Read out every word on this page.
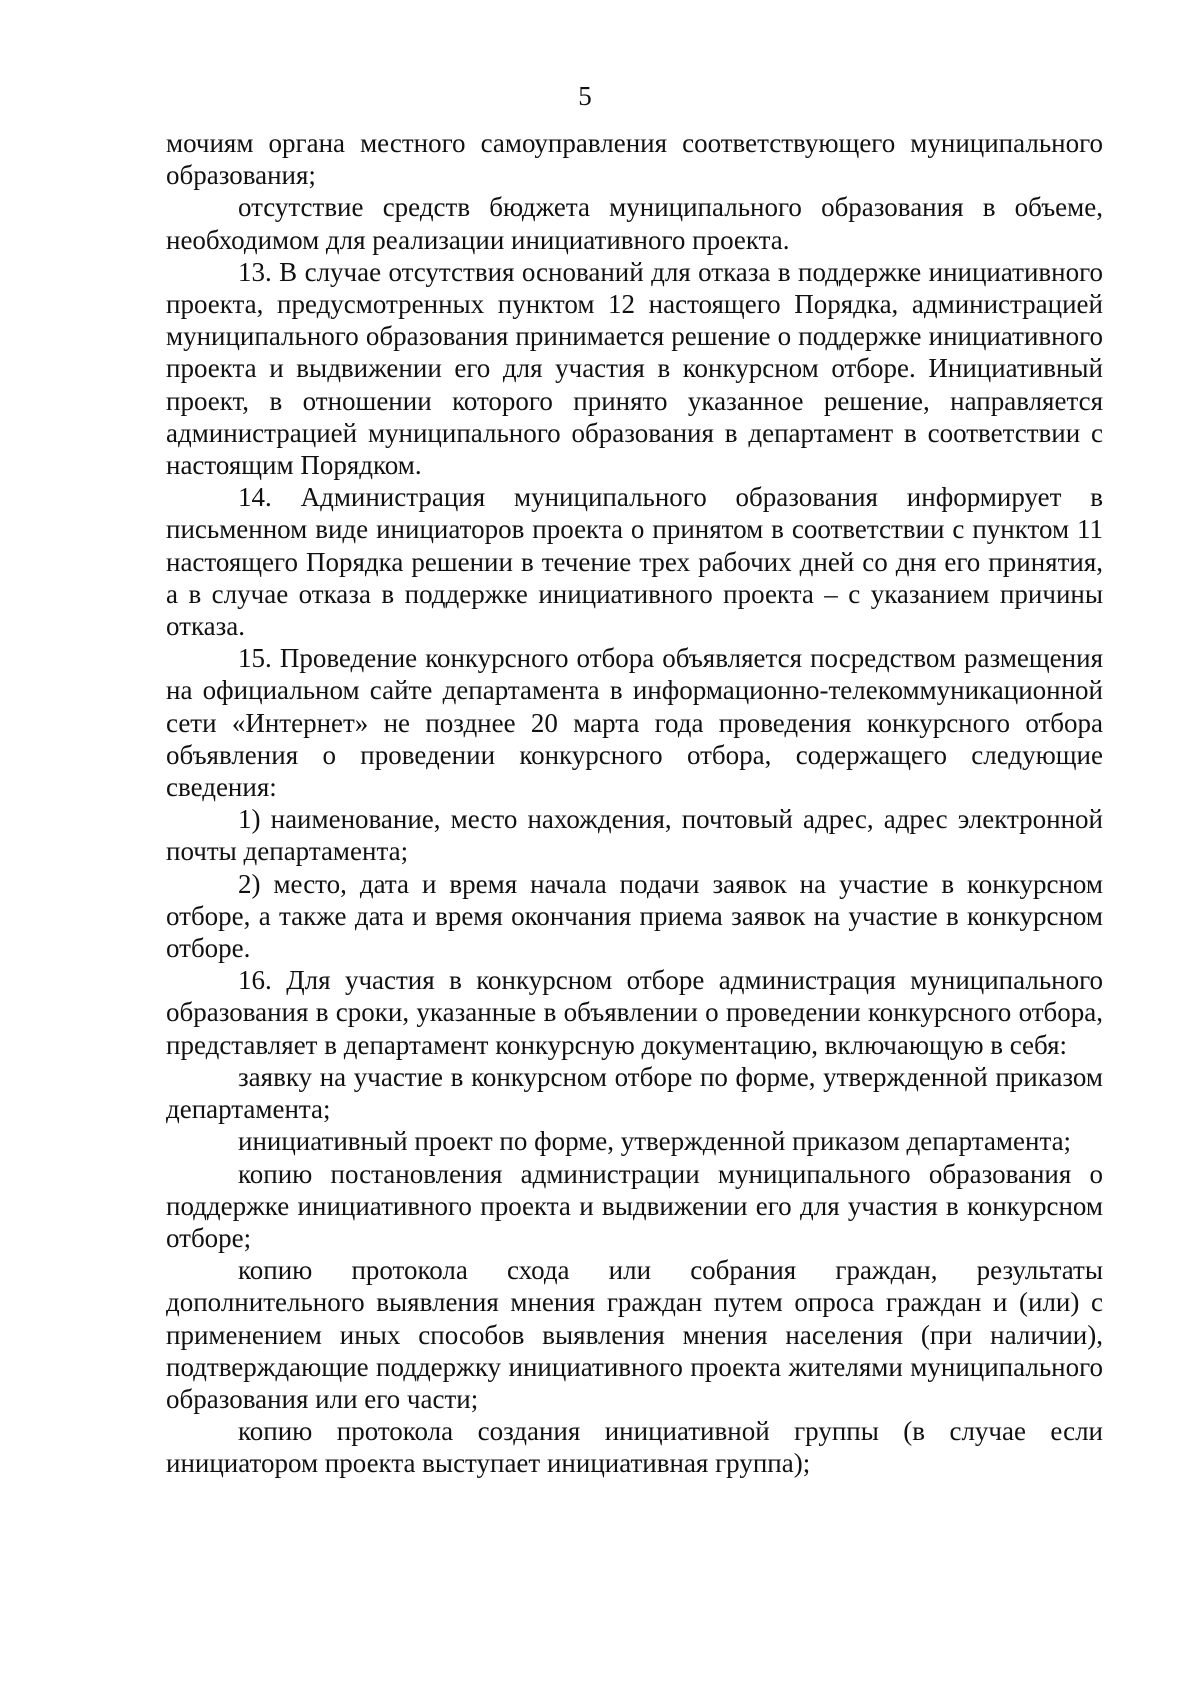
5

мочиям органа местного самоуправления соответствующего муниципального образования;

отсутствие средств бюджета муниципального образования в объеме, необходимом для реализации инициативного проекта.

13. В случае отсутствия оснований для отказа в поддержке инициативного проекта, предусмотренных пунктом 12 настоящего Порядка, администрацией муниципального образования принимается решение о поддержке инициативного проекта и выдвижении его для участия в конкурсном отборе. Инициативный проект, в отношении которого принято указанное решение, направляется администрацией муниципального образования в департамент в соответствии с настоящим Порядком.

14. Администрация муниципального образования информирует в письменном виде инициаторов проекта о принятом в соответствии с пунктом 11 настоящего Порядка решении в течение трех рабочих дней со дня его принятия, а в случае отказа в поддержке инициативного проекта – с указанием причины отказа.

15. Проведение конкурсного отбора объявляется посредством размещения на официальном сайте департамента в информационно-телекоммуникационной сети «Интернет» не позднее 20 марта года проведения конкурсного отбора объявления о проведении конкурсного отбора, содержащего следующие сведения:

1) наименование, место нахождения, почтовый адрес, адрес электронной почты департамента;

2) место, дата и время начала подачи заявок на участие в конкурсном отборе, а также дата и время окончания приема заявок на участие в конкурсном отборе.

16. Для участия в конкурсном отборе администрация муниципального образования в сроки, указанные в объявлении о проведении конкурсного отбора, представляет в департамент конкурсную документацию, включающую в себя:

заявку на участие в конкурсном отборе по форме, утвержденной приказом департамента;

инициативный проект по форме, утвержденной приказом департамента;

копию постановления администрации муниципального образования о поддержке инициативного проекта и выдвижении его для участия в конкурсном отборе;

копию протокола схода или собрания граждан, результаты дополнительного выявления мнения граждан путем опроса граждан и (или) с применением иных способов выявления мнения населения (при наличии), подтверждающие поддержку инициативного проекта жителями муниципального образования или его части;

копию протокола создания инициативной группы (в случае если инициатором проекта выступает инициативная группа);
